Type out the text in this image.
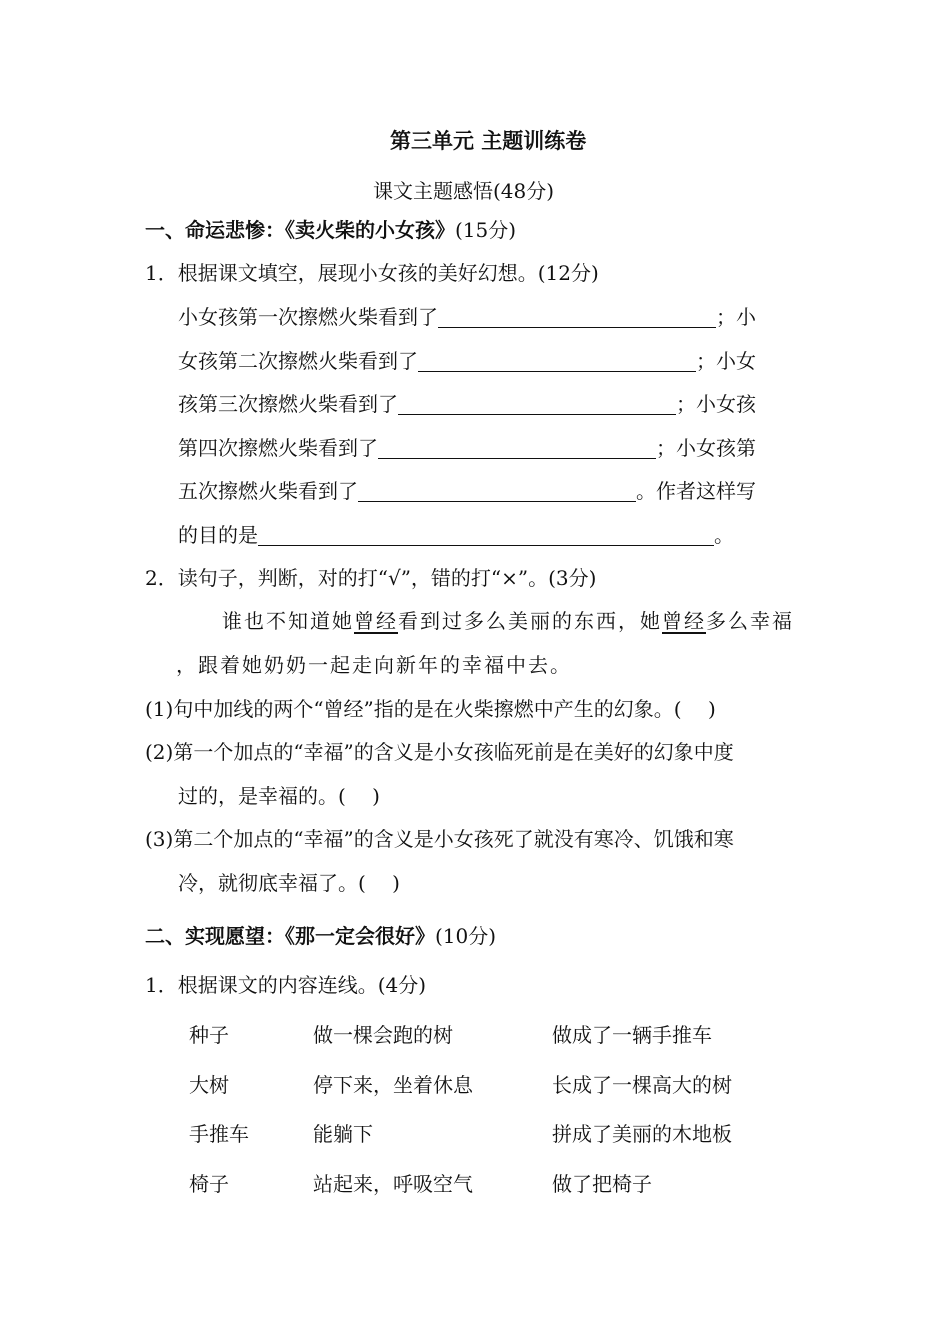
第三单元 主题训练卷
课文主题感悟(48分)
一、命运悲惨：《卖火柴的小女孩》(15分)
1．根据课文填空，展现小女孩的美好幻想。(12分)
小女孩第一次擦燃火柴看到了	；小
女孩第二次擦燃火柴看到了	；小女
孩第三次擦燃火柴看到了	；小女孩
第四次擦燃火柴看到了	；小女孩第
五次擦燃火柴看到了	。作者这样写
的目的是	。
2．读句子，判断，对的打“√”，错的打“×”。(3分)
谁也不知道她曾经看到过多么美丽的东西，她曾经多么幸福
，跟着她奶奶一起走向新年的幸福中去。
(1)句中加线的两个“曾经”指的是在火柴擦燃中产生的幻象。(　 )
(2)第一个加点的“幸福”的含义是小女孩临死前是在美好的幻象中度
过的，是幸福的。(　 )
(3)第二个加点的“幸福”的含义是小女孩死了就没有寒冷、饥饿和寒
冷，就彻底幸福了。(　 )
二、实现愿望：《那一定会很好》(10分)
1．根据课文的内容连线。(4分)
种子	做一棵会跑的树	做成了一辆手推车
大树	停下来，坐着休息	长成了一棵高大的树
手推车	能躺下	拼成了美丽的木地板
椅子	站起来，呼吸空气	做了把椅子
